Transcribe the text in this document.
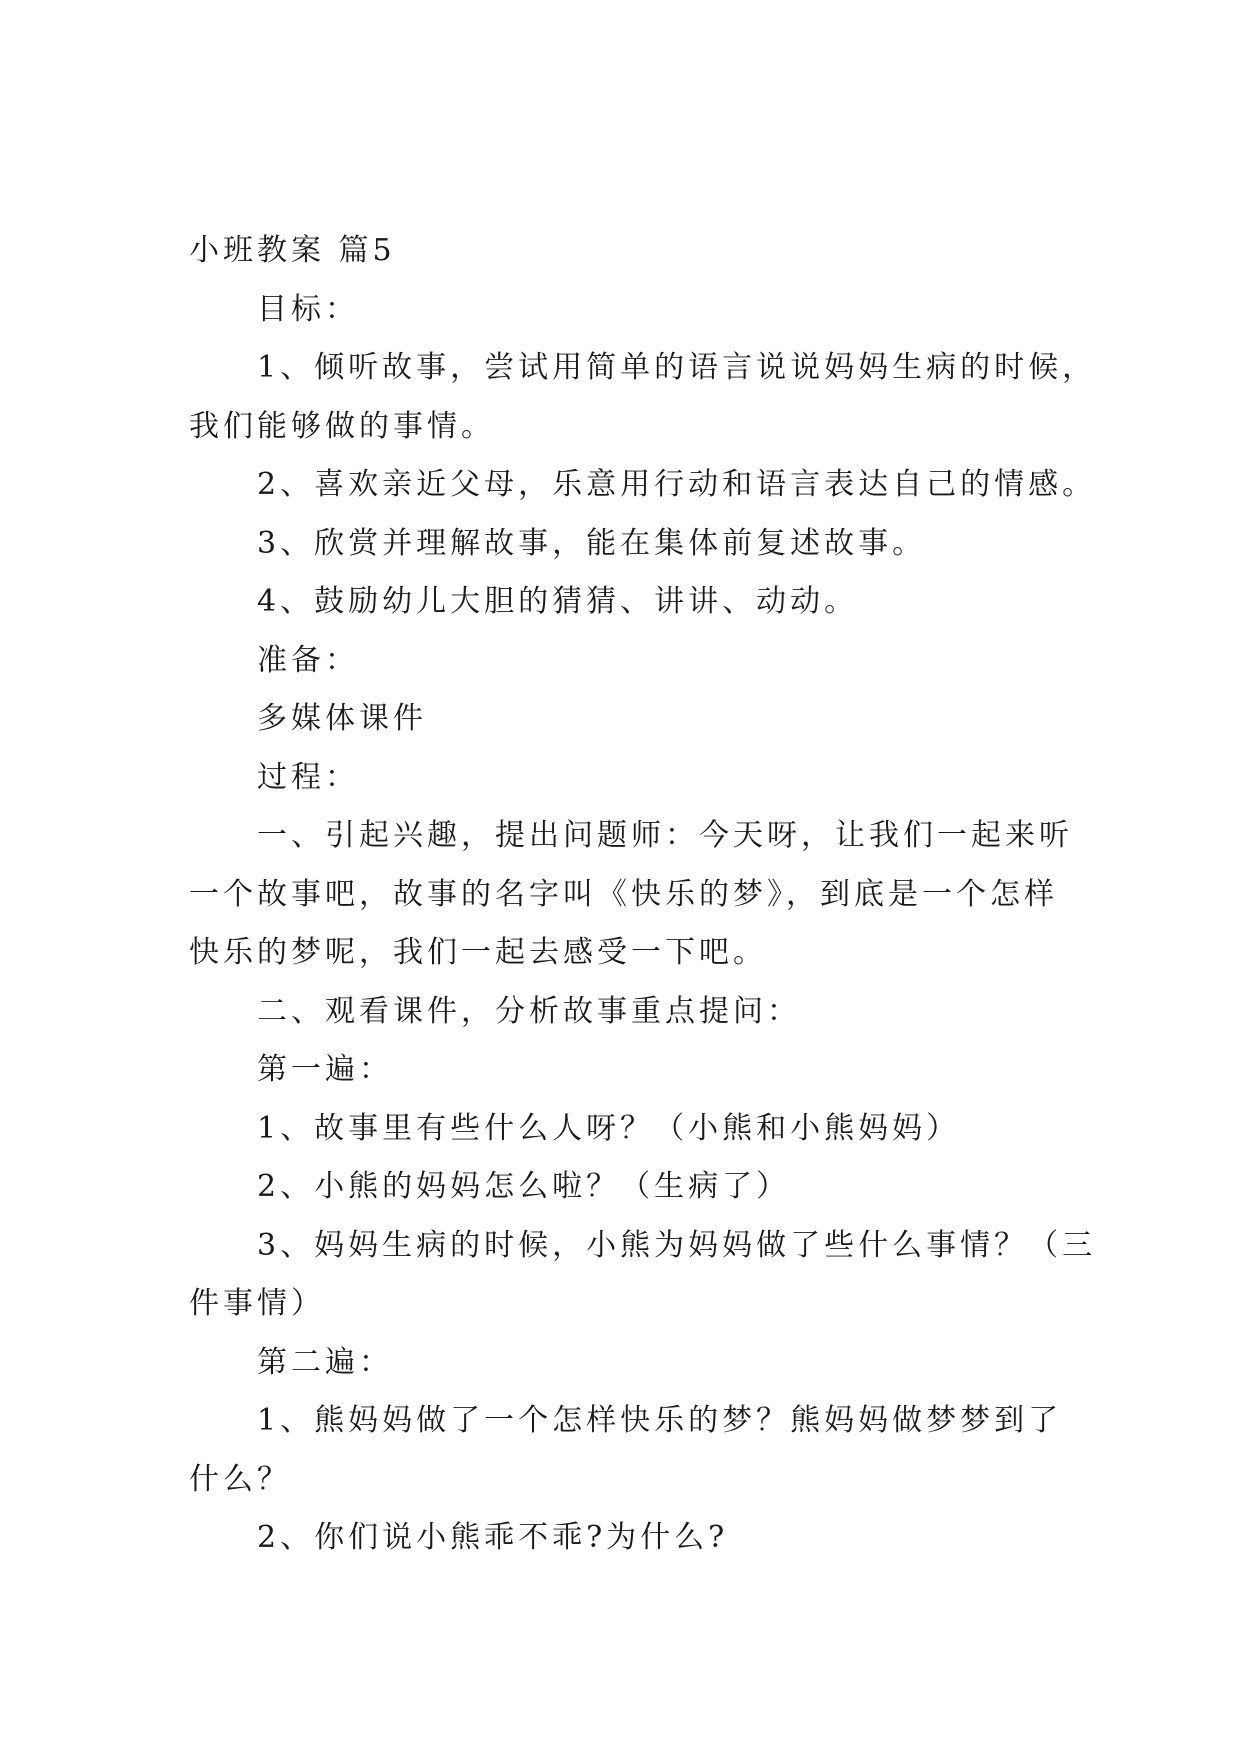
小班教案 篇5

目标：

1、倾听故事，尝试用简单的语言说说妈妈生病的时候，

我们能够做的事情。

2、喜欢亲近父母，乐意用行动和语言表达自己的情感。

3、欣赏并理解故事，能在集体前复述故事。

4、鼓励幼儿大胆的猜猜、讲讲、动动。

准备：

多媒体课件

过程：

一、引起兴趣，提出问题师：今天呀，让我们一起来听

一个故事吧，故事的名字叫《快乐的梦》，到底是一个怎样

快乐的梦呢，我们一起去感受一下吧。

二、观看课件，分析故事重点提问：

第一遍：

1、故事里有些什么人呀？（小熊和小熊妈妈）

2、小熊的妈妈怎么啦？（生病了）

3、妈妈生病的时候，小熊为妈妈做了些什么事情？（三

件事情）

第二遍：

1、熊妈妈做了一个怎样快乐的梦？熊妈妈做梦梦到了

什么？

2、你们说小熊乖不乖?为什么?
